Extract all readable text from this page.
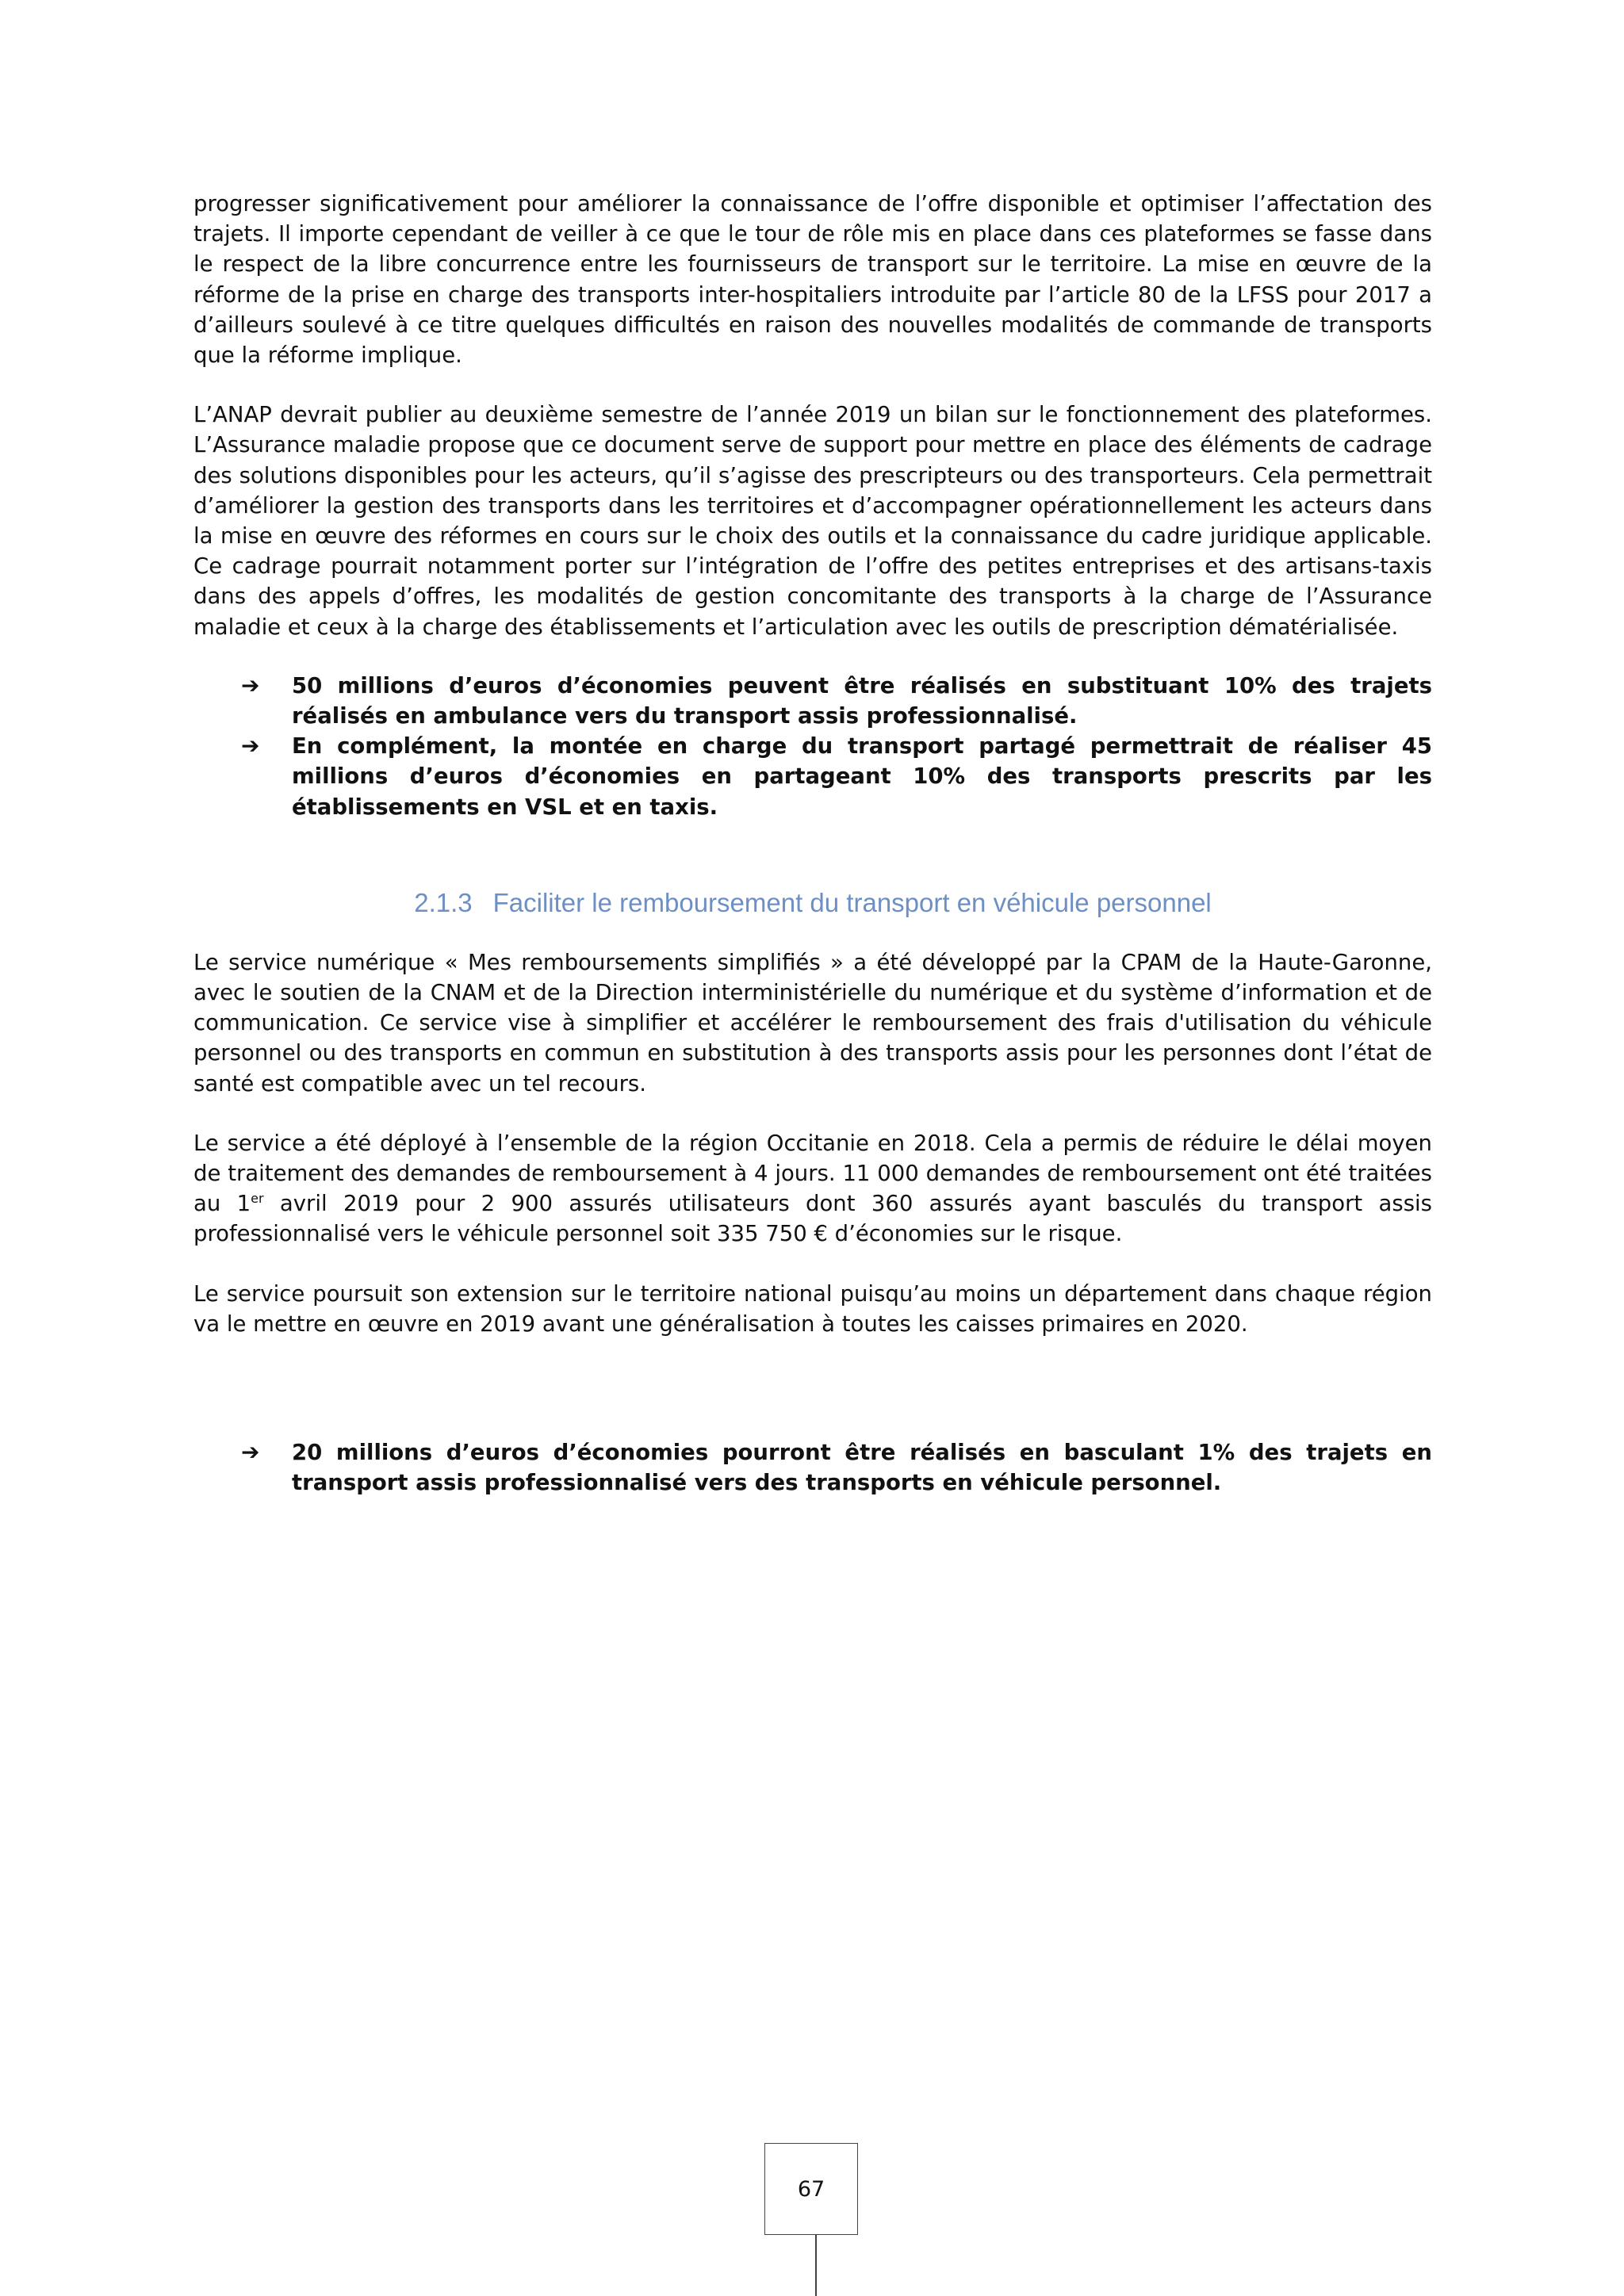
progresser significativement pour améliorer la connaissance de l’offre disponible et optimiser l’affectation des trajets. Il importe cependant de veiller à ce que le tour de rôle mis en place dans ces plateformes se fasse dans le respect de la libre concurrence entre les fournisseurs de transport sur le territoire. La mise en œuvre de la réforme de la prise en charge des transports inter-hospitaliers introduite par l’article 80 de la LFSS pour 2017 a d’ailleurs soulevé à ce titre quelques difficultés en raison des nouvelles modalités de commande de transports que la réforme implique.

L’ANAP devrait publier au deuxième semestre de l’année 2019 un bilan sur le fonctionnement des plateformes. L’Assurance maladie propose que ce document serve de support pour mettre en place des éléments de cadrage des solutions disponibles pour les acteurs, qu’il s’agisse des prescripteurs ou des transporteurs. Cela permettrait d’améliorer la gestion des transports dans les territoires et d’accompagner opérationnellement les acteurs dans la mise en œuvre des réformes en cours sur le choix des outils et la connaissance du cadre juridique applicable. Ce cadrage pourrait notamment porter sur l’intégration de l’offre des petites entreprises et des artisans-taxis dans des appels d’offres, les modalités de gestion concomitante des transports à la charge de l’Assurance maladie et ceux à la charge des établissements et l’articulation avec les outils de prescription dématérialisée.

➔ 50 millions d’euros d’économies peuvent être réalisés en substituant 10% des trajets réalisés en ambulance vers du transport assis professionnalisé.
➔ En complément, la montée en charge du transport partagé permettrait de réaliser 45 millions d’euros d’économies en partageant 10% des transports prescrits par les établissements en VSL et en taxis.
2.1.3 Faciliter le remboursement du transport en véhicule personnel

Le service numérique « Mes remboursements simplifiés » a été développé par la CPAM de la Haute-Garonne, avec le soutien de la CNAM et de la Direction interministérielle du numérique et du système d’information et de communication. Ce service vise à simplifier et accélérer le remboursement des frais d'utilisation du véhicule personnel ou des transports en commun en substitution à des transports assis pour les personnes dont l’état de santé est compatible avec un tel recours.

Le service a été déployé à l’ensemble de la région Occitanie en 2018. Cela a permis de réduire le délai moyen de traitement des demandes de remboursement à 4 jours. 11 000 demandes de remboursement ont été traitées au 1er avril 2019 pour 2 900 assurés utilisateurs dont 360 assurés ayant basculés du transport assis professionnalisé vers le véhicule personnel soit 335 750 € d’économies sur le risque.

Le service poursuit son extension sur le territoire national puisqu’au moins un département dans chaque région va le mettre en œuvre en 2019 avant une généralisation à toutes les caisses primaires en 2020.

➔ 20 millions d’euros d’économies pourront être réalisés en basculant 1% des trajets en transport assis professionnalisé vers des transports en véhicule personnel.
67
